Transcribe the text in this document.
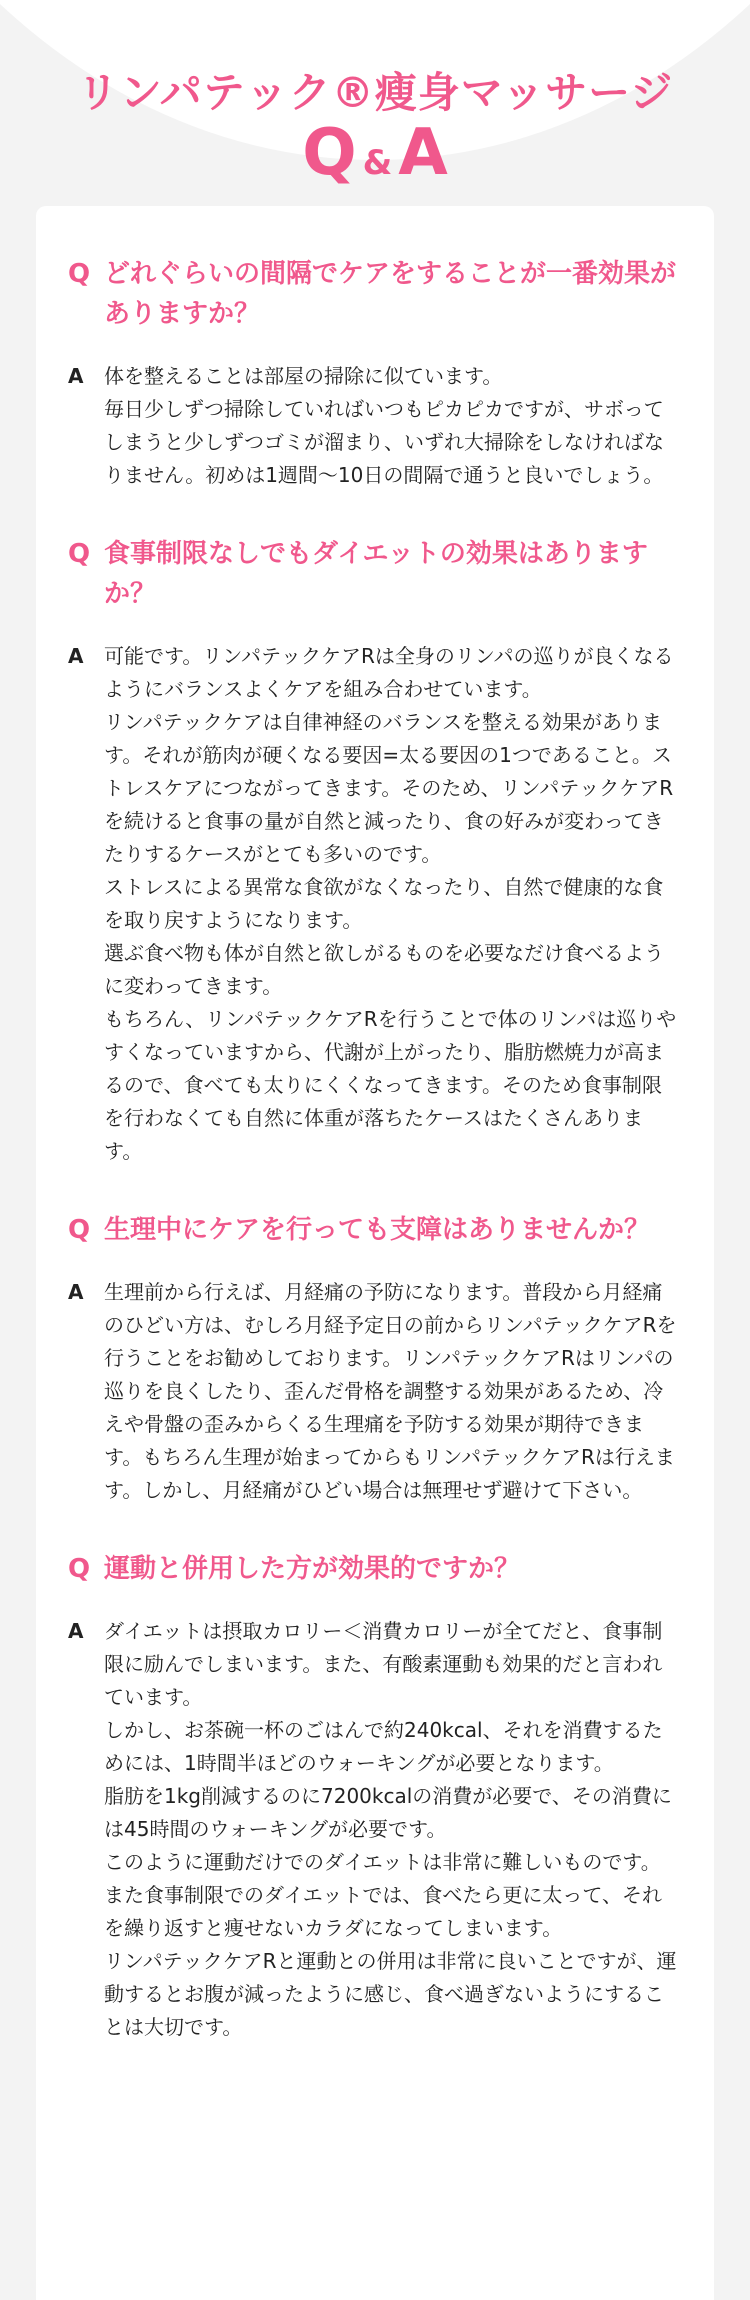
リンパテック®瘦身マッサージ
Q &A
Q どれぐらいの間隔でケアをすることが一番効果がありますか？
A	体を整えることは部屋の掃除に似ています。

毎日少しずつ掃除していればいつもピカピカですが、サボってしまうと少しずつゴミが溜まり、いずれ大掃除をしなければなりません。初めは1週間〜10日の間隔で通うと良いでしょう。

Q 食事制限なしでもダイエットの効果はありますか？
A	可能です。リンパテックケアRは全身のリンパの巡りが良くなるようにバランスよくケアを組み合わせています。

リンパテックケアは自律神経のバランスを整える効果があります。それが筋肉が硬くなる要因=太る要因の1つであること。ストレスケアにつながってきます。そのため、リンパテックケアRを続けると食事の量が自然と減ったり、食の好みが変わってきたりするケースがとても多いのです。

ストレスによる異常な食欲がなくなったり、自然で健康的な食を取り戻すようになります。

選ぶ食べ物も体が自然と欲しがるものを必要なだけ食べるように変わってきます。

もちろん、リンパテックケアRを行うことで体のリンパは巡りやすくなっていますから、代謝が上がったり、脂肪燃焼力が高まるので、食べても太りにくくなってきます。そのため食事制限を行わなくても自然に体重が落ちたケースはたくさんあります。

Q 生理中にケアを行っても支障はありませんか？
A	生理前から行えば、月経痛の予防になります。普段から月経痛のひどい方は、むしろ月経予定日の前からリンパテックケアRを行うことをお勧めしております。リンパテックケアRはリンパの巡りを良くしたり、歪んだ骨格を調整する効果があるため、冷えや骨盤の歪みからくる生理痛を予防する効果が期待できます。もちろん生理が始まってからもリンパテックケアRは行えます。しかし、月経痛がひどい場合は無理せず避けて下さい。

Q 運動と併用した方が効果的ですか？
A	ダイエットは摂取カロリー＜消費カロリーが全てだと、食事制限に励んでしまいます。また、有酸素運動も効果的だと言われています。

しかし、お茶碗一杯のごはんで約240kcal、それを消費するためには、1時間半ほどのウォーキングが必要となります。

脂肪を1kg削減するのに7200kcalの消費が必要で、その消費には45時間のウォーキングが必要です。

このように運動だけでのダイエットは非常に難しいものです。また食事制限でのダイエットでは、食べたら更に太って、それを繰り返すと痩せないカラダになってしまいます。

リンパテックケアRと運動との併用は非常に良いことですが、運動するとお腹が減ったように感じ、食べ過ぎないようにすることは大切です。
